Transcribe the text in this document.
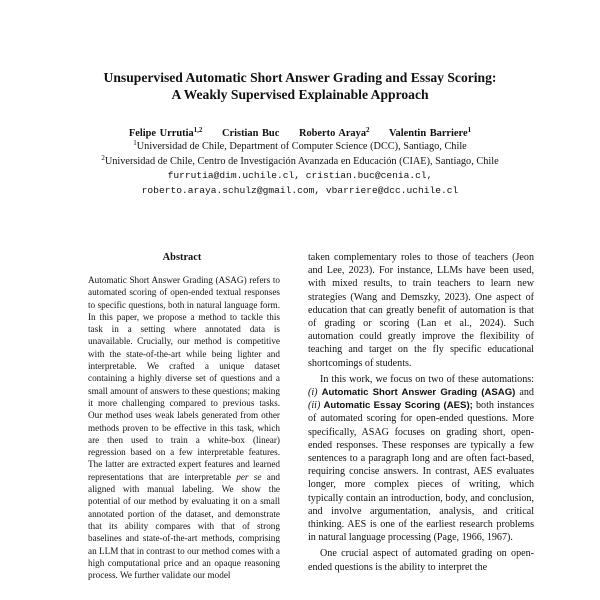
Unsupervised Automatic Short Answer Grading and Essay Scoring:
A Weakly Supervised Explainable Approach
Felipe Urrutia$^{1,2}$ Cristian Buc Roberto Araya$^2$ Valentin Barriere$^1$
$^1$Universidad de Chile, Department of Computer Science (DCC), Santiago, Chile
$^2$Universidad de Chile, Centro de Investigación Avanzada en Educación (CIAE), Santiago, Chile
furrutia@dim.uchile.cl, cristian.buc@cenia.cl,
roberto.araya.schulz@gmail.com, vbarriere@dcc.uchile.cl
Abstract
Automatic Short Answer Grading (ASAG) refers to automated scoring of open-ended textual responses to specific questions, both in natural language form. In this paper, we propose a method to tackle this task in a setting where annotated data is unavailable. Crucially, our method is competitive with the state-of-the-art while being lighter and interpretable. We crafted a unique dataset containing a highly diverse set of questions and a small amount of answers to these questions; making it more challenging compared to previous tasks. Our method uses weak labels generated from other methods proven to be effective in this task, which are then used to train a white-box (linear) regression based on a few interpretable features. The latter are extracted expert features and learned representations that are interpretable per se and aligned with manual labeling. We show the potential of our method by evaluating it on a small annotated portion of the dataset, and demonstrate that its ability compares with that of strong baselines and state-of-the-art methods, comprising an LLM that in contrast to our method comes with a high computational price and an opaque reasoning process. We further validate our model

taken complementary roles to those of teachers (Jeon and Lee, 2023). For instance, LLMs have been used, with mixed results, to train teachers to learn new strategies (Wang and Demszky, 2023). One aspect of education that can greatly benefit of automation is that of grading or scoring (Lan et al., 2024). Such automation could greatly improve the flexibility of teaching and target on the fly specific educational shortcomings of students.

In this work, we focus on two of these automations: (i) Automatic Short Answer Grading (ASAG) and (ii) Automatic Essay Scoring (AES); both instances of automated scoring for open-ended questions. More specifically, ASAG focuses on grading short, open-ended responses. These responses are typically a few sentences to a paragraph long and are often fact-based, requiring concise answers. In contrast, AES evaluates longer, more complex pieces of writing, which typically contain an introduction, body, and conclusion, and involve argumentation, analysis, and critical thinking. AES is one of the earliest research problems in natural language processing (Page, 1966, 1967).

One crucial aspect of automated grading on open-ended questions is the ability to interpret the
